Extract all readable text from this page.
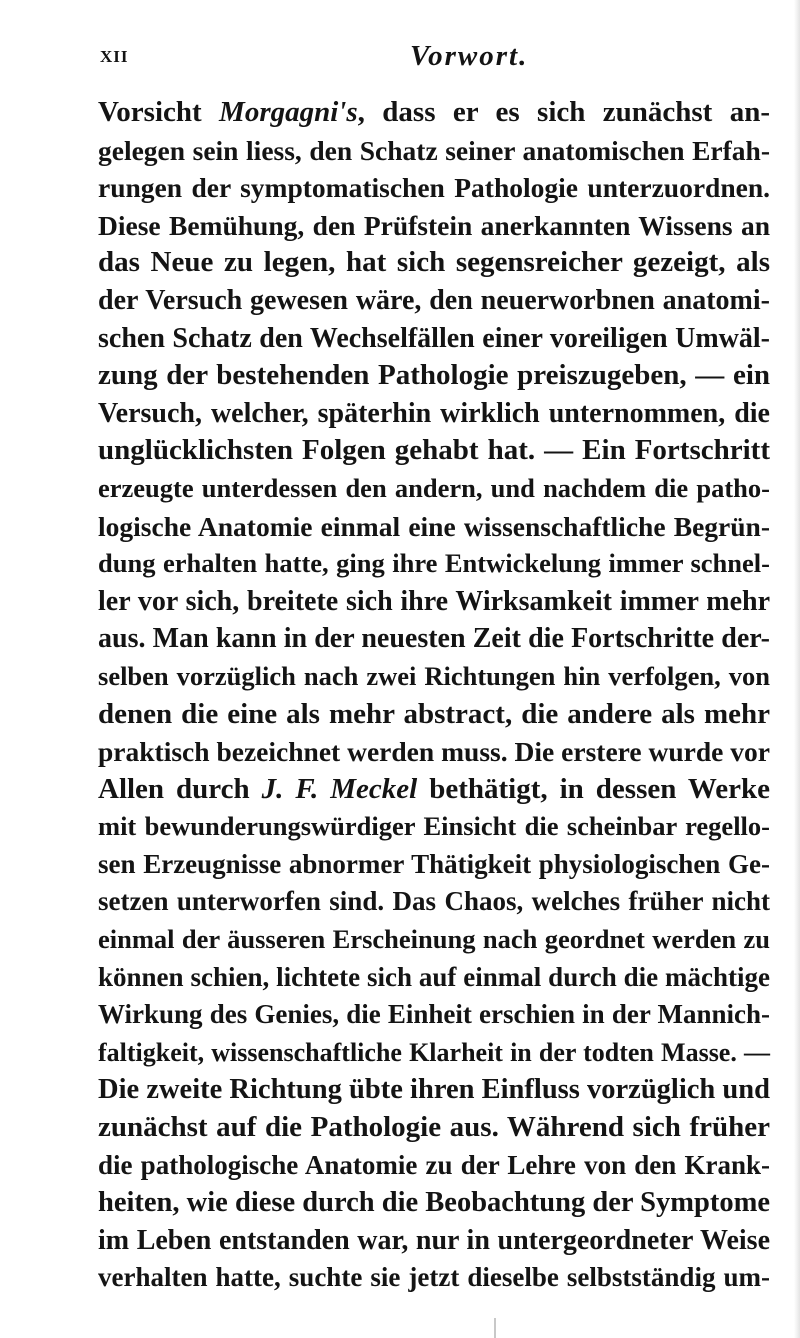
XII	Vorwort.
Vorsicht Morgagni's, dass er es sich zunächst an-
gelegen sein liess, den Schatz seiner anatomischen Erfah-
rungen der symptomatischen Pathologie unterzuordnen.
Diese Bemühung, den Prüfstein anerkannten Wissens an
das Neue zu legen, hat sich segensreicher gezeigt, als
der Versuch gewesen wäre, den neuerworbnen anatomi-
schen Schatz den Wechselfällen einer voreiligen Umwäl-
zung der bestehenden Pathologie preiszugeben, — ein
Versuch, welcher, späterhin wirklich unternommen, die
unglücklichsten Folgen gehabt hat. — Ein Fortschritt
erzeugte unterdessen den andern, und nachdem die patho-
logische Anatomie einmal eine wissenschaftliche Begrün-
dung erhalten hatte, ging ihre Entwickelung immer schnel-
ler vor sich, breitete sich ihre Wirksamkeit immer mehr
aus. Man kann in der neuesten Zeit die Fortschritte der-
selben vorzüglich nach zwei Richtungen hin verfolgen, von
denen die eine als mehr abstract, die andere als mehr
praktisch bezeichnet werden muss. Die erstere wurde vor
Allen durch J. F. Meckel bethätigt, in dessen Werke
mit bewunderungswürdiger Einsicht die scheinbar regello-
sen Erzeugnisse abnormer Thätigkeit physiologischen Ge-
setzen unterworfen sind. Das Chaos, welches früher nicht
einmal der äusseren Erscheinung nach geordnet werden zu
können schien, lichtete sich auf einmal durch die mächtige
Wirkung des Genies, die Einheit erschien in der Mannich-
faltigkeit, wissenschaftliche Klarheit in der todten Masse. —
Die zweite Richtung übte ihren Einfluss vorzüglich und
zunächst auf die Pathologie aus. Während sich früher
die pathologische Anatomie zu der Lehre von den Krank-
heiten, wie diese durch die Beobachtung der Symptome
im Leben entstanden war, nur in untergeordneter Weise
verhalten hatte, suchte sie jetzt dieselbe selbstständig um-
